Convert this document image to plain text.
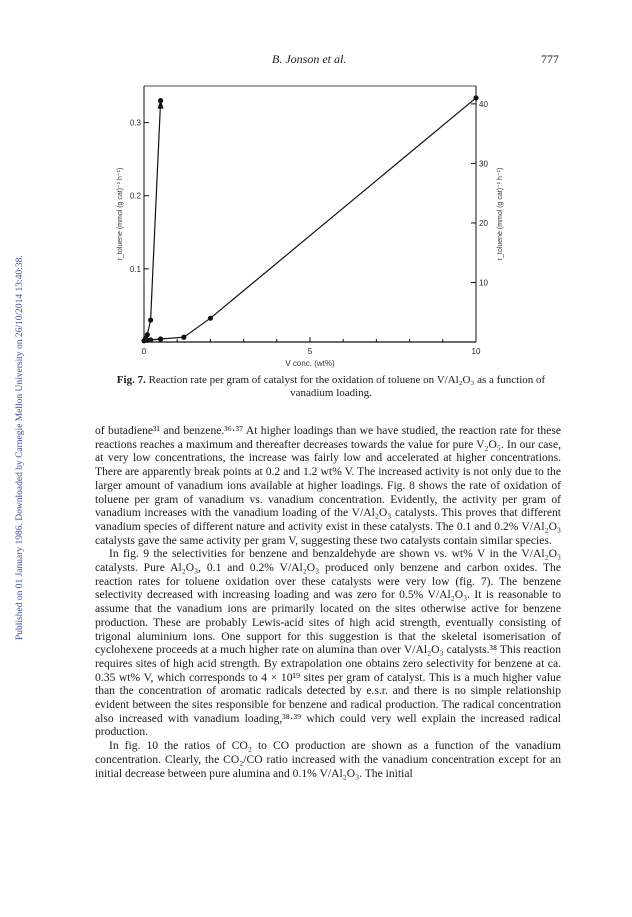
Published on 01 January 1986. Downloaded by Carnegie Mellon University on 26/10/2014 13:40:38.
B. Jonson et al.	777
0	5	10
0.1
0.2
0.3
10
20
30
40
V conc. (wt%)
r_toluene (mmol (g cat)⁻¹ h⁻¹)	r_toluene (mmol (g cat)⁻¹ h⁻¹)
Fig. 7. Reaction rate per gram of catalyst for the oxidation of toluene on V/Al₂O₃ as a function of vanadium loading.

of butadiene³¹ and benzene.³⁶·³⁷ At higher loadings than we have studied, the reaction rate for these reactions reaches a maximum and thereafter decreases towards the value for pure V₂O₅. In our case, at very low concentrations, the increase was fairly low and accelerated at higher concentrations. There are apparently break points at 0.2 and 1.2 wt% V. The increased activity is not only due to the larger amount of vanadium ions available at higher loadings. Fig. 8 shows the rate of oxidation of toluene per gram of vanadium vs. vanadium concentration. Evidently, the activity per gram of vanadium increases with the vanadium loading of the V/Al₂O₃ catalysts. This proves that different vanadium species of different nature and activity exist in these catalysts. The 0.1 and 0.2% V/Al₂O₃ catalysts gave the same activity per gram V, suggesting these two catalysts contain similar species.

In fig. 9 the selectivities for benzene and benzaldehyde are shown vs. wt% V in the V/Al₂O₃ catalysts. Pure Al₂O₃, 0.1 and 0.2% V/Al₂O₃ produced only benzene and carbon oxides. The reaction rates for toluene oxidation over these catalysts were very low (fig. 7). The benzene selectivity decreased with increasing loading and was zero for 0.5% V/Al₂O₃. It is reasonable to assume that the vanadium ions are primarily located on the sites otherwise active for benzene production. These are probably Lewis-acid sites of high acid strength, eventually consisting of trigonal aluminium ions. One support for this suggestion is that the skeletal isomerisation of cyclohexene proceeds at a much higher rate on alumina than over V/Al₂O₃ catalysts.³⁸ This reaction requires sites of high acid strength. By extrapolation one obtains zero selectivity for benzene at ca. 0.35 wt% V, which corresponds to 4 × 10¹⁹ sites per gram of catalyst. This is a much higher value than the concentration of aromatic radicals detected by e.s.r. and there is no simple relationship evident between the sites responsible for benzene and radical production. The radical concentration also increased with vanadium loading,³⁸·³⁹ which could very well explain the increased radical production.

In fig. 10 the ratios of CO₂ to CO production are shown as a function of the vanadium concentration. Clearly, the CO₂/CO ratio increased with the vanadium concentration except for an initial decrease between pure alumina and 0.1% V/Al₂O₃. The initial
